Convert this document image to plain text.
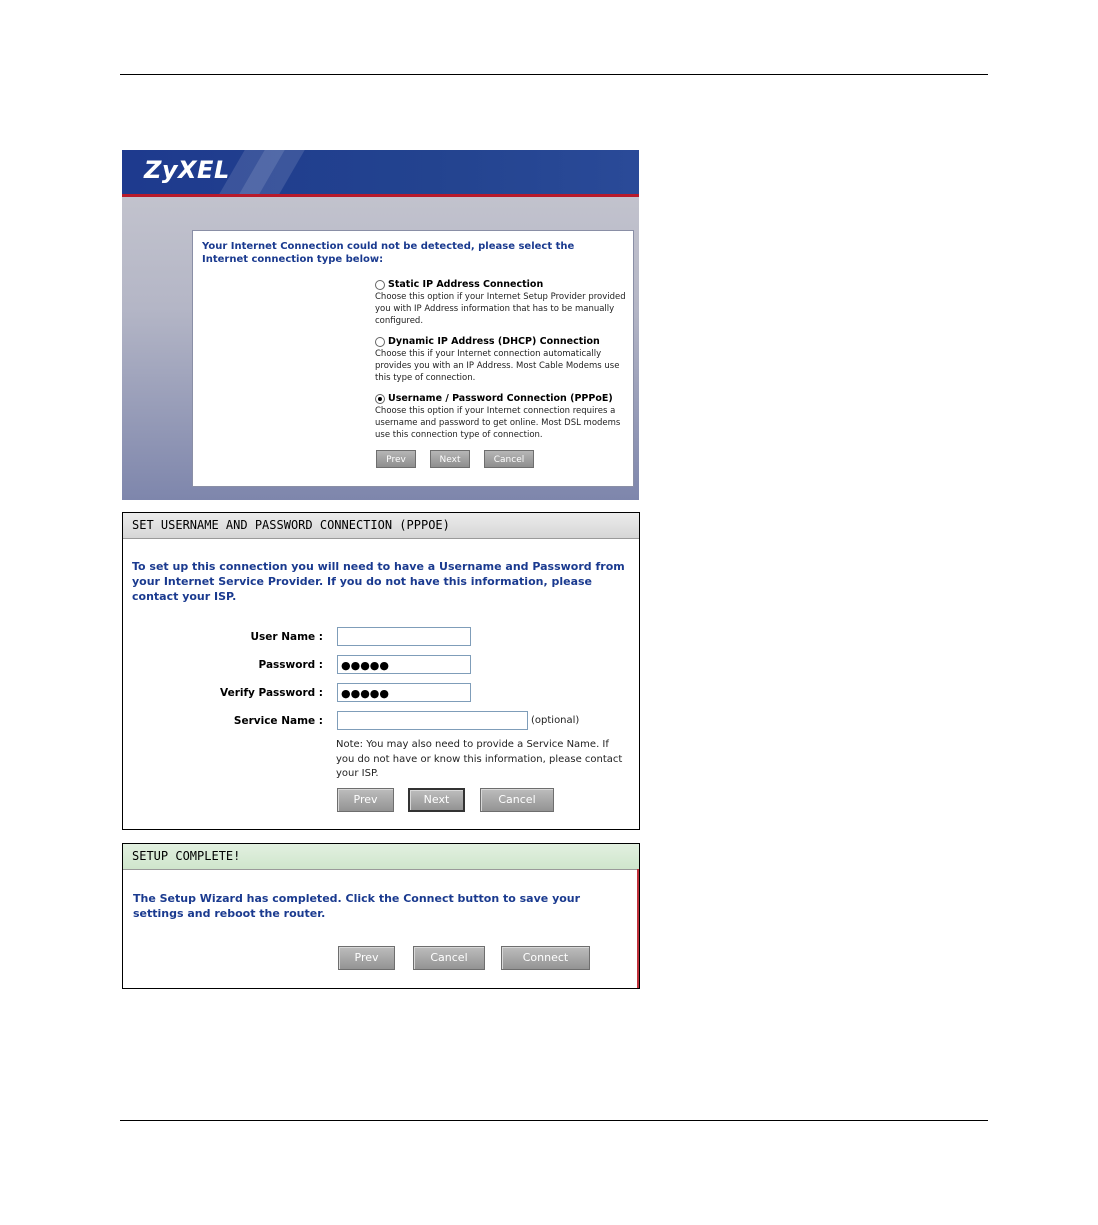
ZyXEL
Your Internet Connection could not be detected, please select the Internet connection type below:
Static IP Address Connection
Choose this option if your Internet Setup Provider provided you with IP Address information that has to be manually configured.
Dynamic IP Address (DHCP) Connection
Choose this if your Internet connection automatically provides you with an IP Address. Most Cable Modems use this type of connection.
Username / Password Connection (PPPoE)
Choose this option if your Internet connection requires a username and password to get online. Most DSL modems use this connection type of connection.
Prev	Next	Cancel
SET USERNAME AND PASSWORD CONNECTION (PPPOE)
To set up this connection you will need to have a Username and Password from your Internet Service Provider. If you do not have this information, please contact your ISP.
User Name :
Password :	●●●●●
Verify Password :	●●●●●
Service Name :	(optional)
Note: You may also need to provide a Service Name. If you do not have or know this information, please contact your ISP.
Prev	Next	Cancel
SETUP COMPLETE!
The Setup Wizard has completed. Click the Connect button to save your settings and reboot the router.
Prev	Cancel	Connect
